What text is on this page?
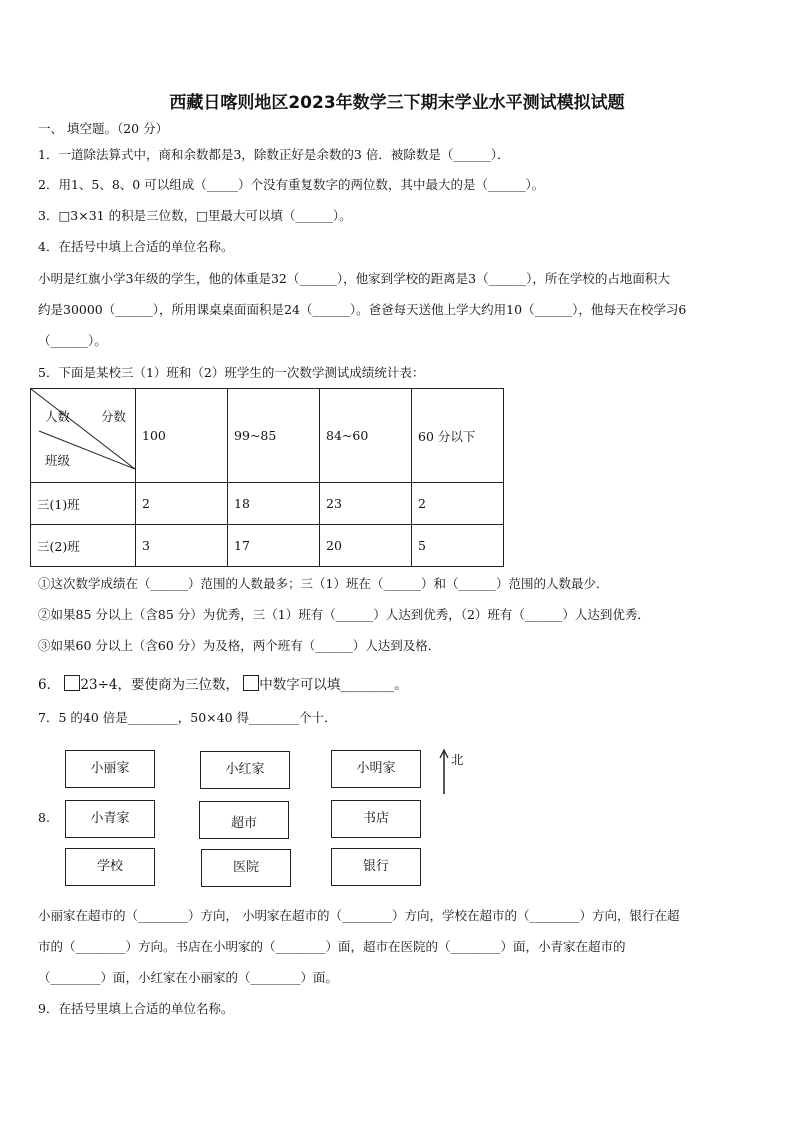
西藏日喀则地区2023年数学三下期末学业水平测试模拟试题
一、 填空题。（20 分）
1．一道除法算式中，商和余数都是3，除数正好是余数的3 倍．被除数是（______）．
2．用1、5、8、0 可以组成（_____）个没有重复数字的两位数，其中最大的是（______）。
3．□3×31 的积是三位数，□里最大可以填（______）。
4．在括号中填上合适的单位名称。
小明是红旗小学3年级的学生，他的体重是32（______），他家到学校的距离是3（______），所在学校的占地面积大
约是30000（______），所用课桌桌面面积是24（______）。爸爸每天送他上学大约用10（______），他每天在校学习6
（______）。
5．下面是某校三（1）班和（2）班学生的一次数学测试成绩统计表：
人数 分数
班级	100	99~85	84~60	60 分以下
三(1)班	2	18	23	2
三(2)班	3	17	20	5
①这次数学成绩在（______）范围的人数最多；三（1）班在（______）和（______）范围的人数最少．
②如果85 分以上（含85 分）为优秀，三（1）班有（______）人达到优秀，（2）班有（______）人达到优秀．
③如果60 分以上（含60 分）为及格，两个班有（______）人达到及格．
6． 23÷4，要使商为三位数， 中数字可以填________。
7．5 的40 倍是________，50×40 得________个十．
8.
小丽家	小红家	小明家
小青家	超市	书店
学校	医院	银行
北
小丽家在超市的（________）方向， 小明家在超市的（________）方向，学校在超市的（________）方向，银行在超
市的（________）方向。书店在小明家的（________）面，超市在医院的（________）面，小青家在超市的
（________）面，小红家在小丽家的（________）面。
9．在括号里填上合适的单位名称。
